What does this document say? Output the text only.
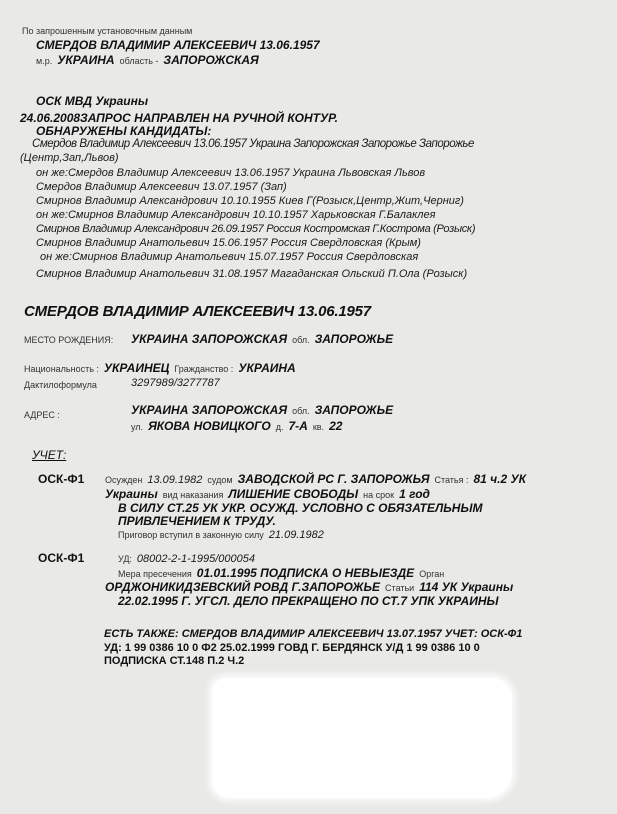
По запрошенным установочным данным
СМЕРДОВ ВЛАДИМИР АЛЕКСЕЕВИЧ 13.06.1957
м.р. УКРАИНА область - ЗАПОРОЖСКАЯ
ОСК МВД Украины
24.06.2008ЗАПРОС НАПРАВЛЕН НА РУЧНОЙ КОНТУР.
ОБНАРУЖЕНЫ КАНДИДАТЫ:
Смердов Владимир Алексеевич 13.06.1957 Украина Запорожская Запорожье Запорожье
(Центр,Зап,Львов)
он же:Смердов Владимир Алексеевич 13.06.1957 Украина Львовская Львов
Смердов Владимир Алексеевич 13.07.1957 (Зап)
Смирнов Владимир Александрович 10.10.1955 Киев Г(Розыск,Центр,Жит,Черниг)
он же:Смирнов Владимир Александрович 10.10.1957 Харьковская Г.Балаклея
Смирнов Владимир Александрович 26.09.1957 Россия Костромская Г.Кострома (Розыск)
Смирнов Владимир Анатольевич 15.06.1957 Россия Свердловская (Крым)
он же:Смирнов Владимир Анатольевич 15.07.1957 Россия Свердловская
Смирнов Владимир Анатольевич 31.08.1957 Магаданская Ольский П.Ола (Розыск)
СМЕРДОВ ВЛАДИМИР АЛЕКСЕЕВИЧ 13.06.1957
МЕСТО РОЖДЕНИЯ: УКРАИНА ЗАПОРОЖСКАЯ обл. ЗАПОРОЖЬЕ
Национальность : УКРАИНЕЦ Гражданство : УКРАИНА
Дактилоформула	3297989/3277787
АДРЕС :	УКРАИНА ЗАПОРОЖСКАЯ обл. ЗАПОРОЖЬЕ
ул. ЯКОВА НОВИЦКОГО д. 7-А кв. 22
УЧЕТ:
ОСК-Ф1 Осужден 13.09.1982 судом ЗАВОДСКОЙ РС Г. ЗАПОРОЖЬЯ Статья : 81 ч.2 УК
Украины вид наказания ЛИШЕНИЕ СВОБОДЫ на срок 1 год
В СИЛУ СТ.25 УК УКР. ОСУЖД. УСЛОВНО С ОБЯЗАТЕЛЬНЫМ
ПРИВЛЕЧЕНИЕМ К ТРУДУ.
Приговор вступил в законную силу 21.09.1982
ОСК-Ф1	УД: 08002-2-1-1995/000054
Мера пресечения 01.01.1995 ПОДПИСКА О НЕВЫЕЗДЕ Орган
ОРДЖОНИКИДЗЕВСКИЙ РОВД Г.ЗАПОРОЖЬЕ Статьи 114 УК Украины
22.02.1995 Г. УГСЛ. ДЕЛО ПРЕКРАЩЕНО ПО СТ.7 УПК УКРАИНЫ
ЕСТЬ ТАКЖЕ: СМЕРДОВ ВЛАДИМИР АЛЕКСЕЕВИЧ 13.07.1957 УЧЕТ: ОСК-Ф1
УД: 1 99 0386 10 0 Ф2 25.02.1999 ГОВД Г. БЕРДЯНСК У/Д 1 99 0386 10 0
ПОДПИСКА СТ.148 П.2 Ч.2
